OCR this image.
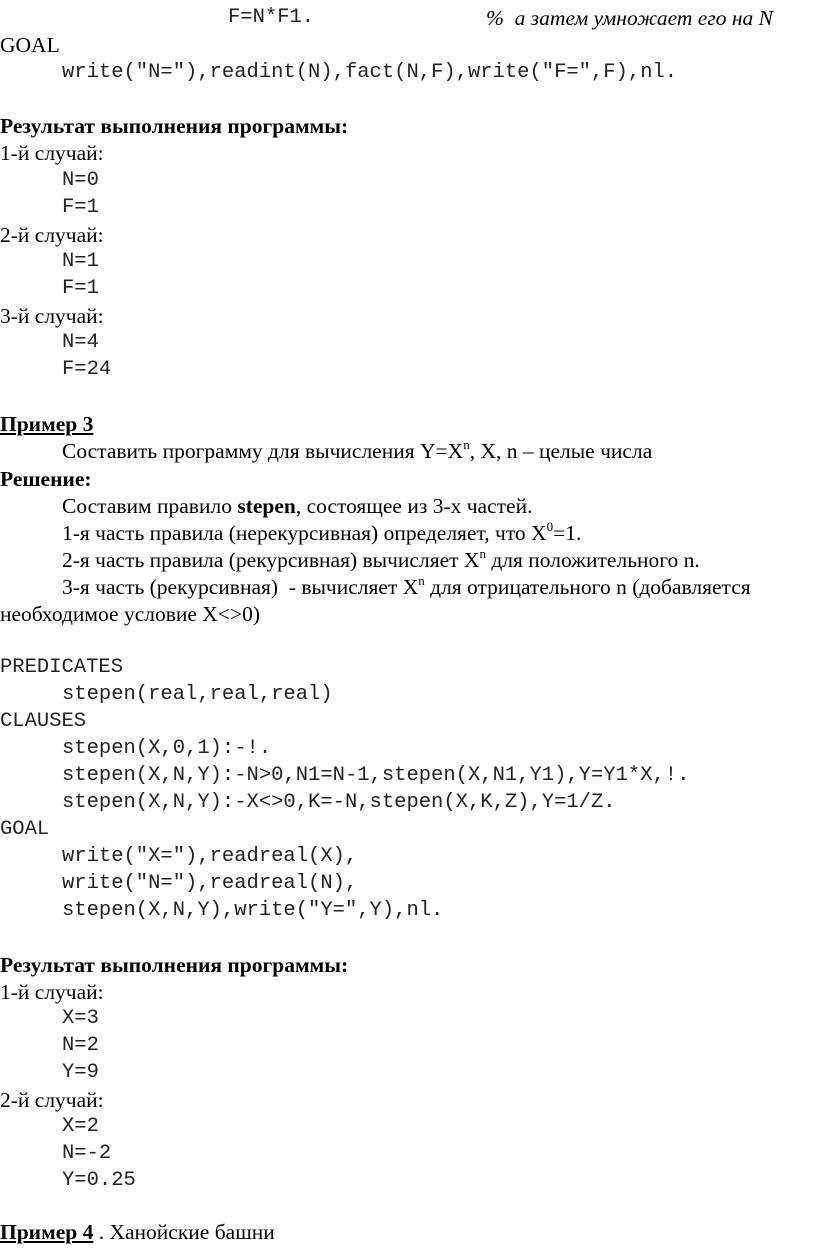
F=N*F1.	%  а затем умножает его на N
GOAL
write("N="),readint(N),fact(N,F),write("F=",F),nl.
Результат выполнения программы:
1-й случай:
N=0
F=1
2-й случай:
N=1
F=1
3-й случай:
N=4
F=24
Пример 3
Составить программу для вычисления $Y=X^n$, X, n – целые числа
Решение:
Составим правило stepen, состоящее из 3-х частей.
1-я часть правила (нерекурсивная) определяет, что $X^0=1$.
2-я часть правила (рекурсивная) вычисляет $X^n$ для положительного n.
3-я часть (рекурсивная)  - вычисляет $X^n$ для отрицательного n (добавляется
необходимое условие X<>0)
PREDICATES
stepen(real,real,real)
CLAUSES
stepen(X,0,1):-!.
stepen(X,N,Y):-N>0,N1=N-1,stepen(X,N1,Y1),Y=Y1*X,!.
stepen(X,N,Y):-X<>0,K=-N,stepen(X,K,Z),Y=1/Z.
GOAL
write("X="),readreal(X),
write("N="),readreal(N),
stepen(X,N,Y),write("Y=",Y),nl.
Результат выполнения программы:
1-й случай:
X=3
N=2
Y=9
2-й случай:
X=2
N=-2
Y=0.25
Пример 4 . Ханойские башни
